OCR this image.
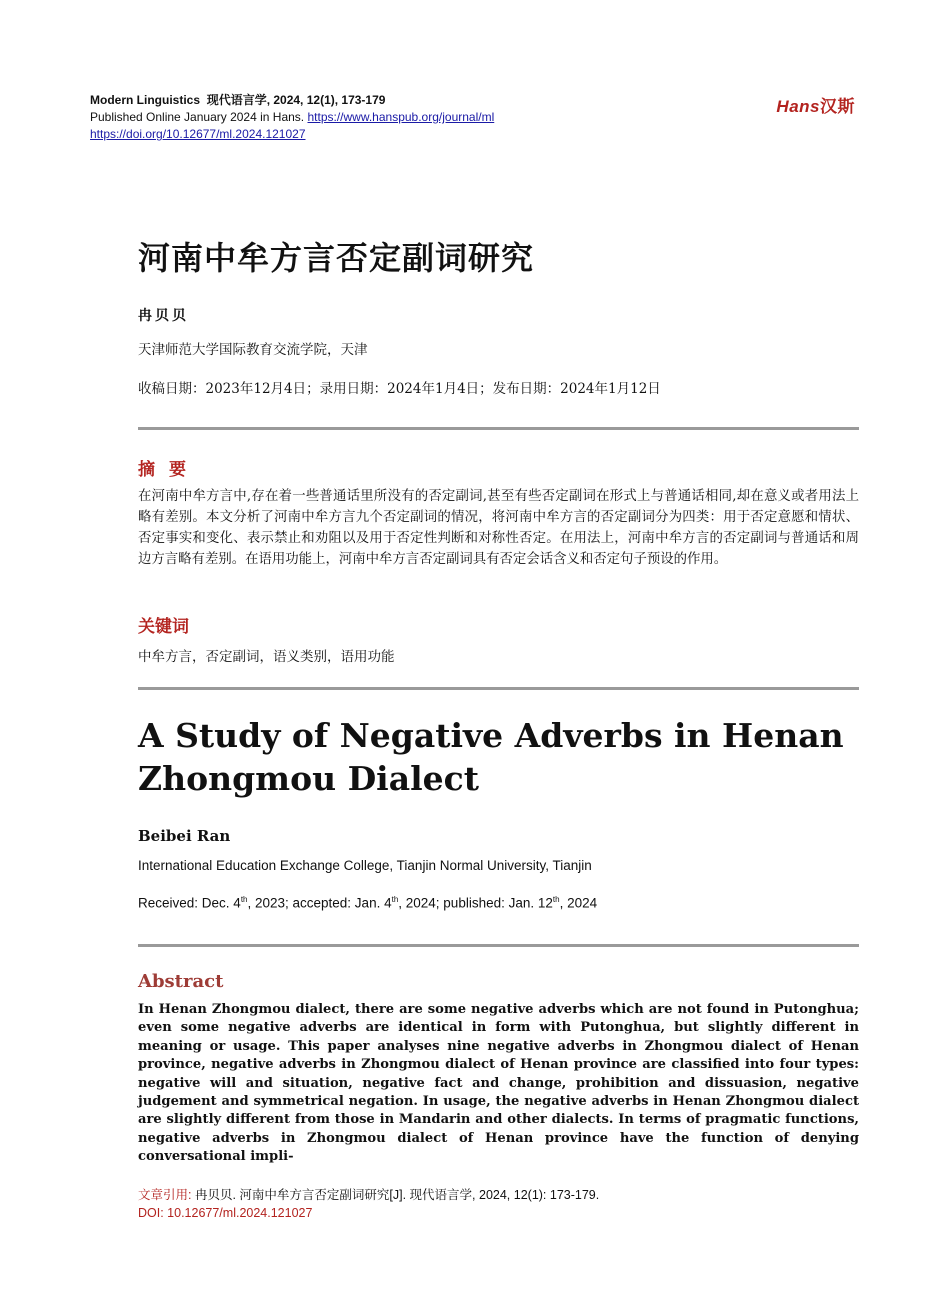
Modern Linguistics 现代语言学, 2024, 12(1), 173-179
Published Online January 2024 in Hans. https://www.hanspub.org/journal/ml
https://doi.org/10.12677/ml.2024.121027
Hans汉斯
河南中牟方言否定副词研究
冉贝贝
天津师范大学国际教育交流学院，天津
收稿日期：2023年12月4日；录用日期：2024年1月4日；发布日期：2024年1月12日
摘要
在河南中牟方言中,存在着一些普通话里所没有的否定副词,甚至有些否定副词在形式上与普通话相同,却在意义或者用法上略有差别。本文分析了河南中牟方言九个否定副词的情况，将河南中牟方言的否定副词分为四类：用于否定意愿和情状、否定事实和变化、表示禁止和劝阻以及用于否定性判断和对称性否定。在用法上，河南中牟方言的否定副词与普通话和周边方言略有差别。在语用功能上，河南中牟方言否定副词具有否定会话含义和否定句子预设的作用。
关键词
中牟方言，否定副词，语义类别，语用功能
A Study of Negative Adverbs in Henan Zhongmou Dialect
Beibei Ran
International Education Exchange College, Tianjin Normal University, Tianjin
Received: Dec. 4th, 2023; accepted: Jan. 4th, 2024; published: Jan. 12th, 2024
Abstract
In Henan Zhongmou dialect, there are some negative adverbs which are not found in Putonghua; even some negative adverbs are identical in form with Putonghua, but slightly different in meaning or usage. This paper analyses nine negative adverbs in Zhongmou dialect of Henan province, negative adverbs in Zhongmou dialect of Henan province are classified into four types: negative will and situation, negative fact and change, prohibition and dissuasion, negative judgement and symmetrical negation. In usage, the negative adverbs in Henan Zhongmou dialect are slightly different from those in Mandarin and other dialects. In terms of pragmatic functions, negative adverbs in Zhongmou dialect of Henan province have the function of denying conversational impli-
文章引用: 冉贝贝. 河南中牟方言否定副词研究[J]. 现代语言学, 2024, 12(1): 173-179.
DOI: 10.12677/ml.2024.121027
